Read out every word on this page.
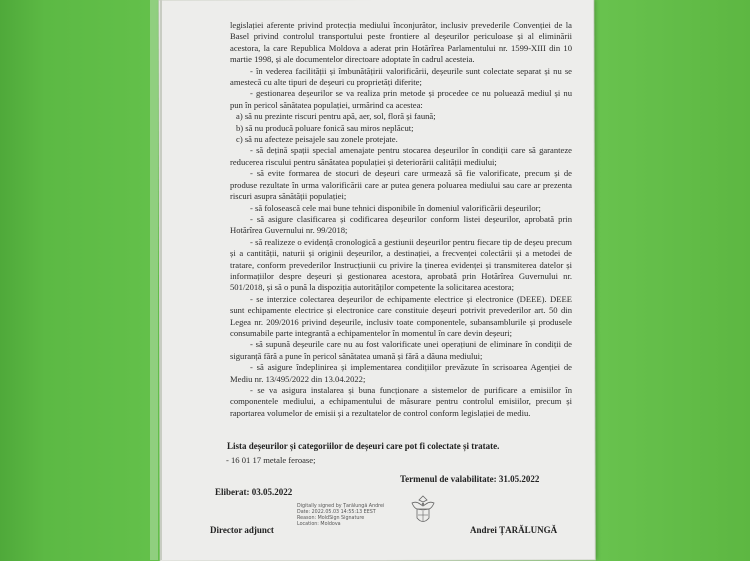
legislației aferente privind protecția mediului înconjurător, inclusiv prevederile Convenției de la Basel privind controlul transportului peste frontiere al deșeurilor periculoase și al eliminării acestora, la care Republica Moldova a aderat prin Hotărîrea Parlamentului nr. 1599-XIII din 10 martie 1998, și ale documentelor directoare adoptate în cadrul acesteia.

- în vederea facilității și îmbunătățirii valorificării, deșeurile sunt colectate separat și nu se amestecă cu alte tipuri de deșeuri cu proprietăți diferite;

- gestionarea deșeurilor se va realiza prin metode și procedee ce nu poluează mediul și nu pun în pericol sănătatea populației, urmărind ca acestea:

a) să nu prezinte riscuri pentru apă, aer, sol, floră și faună;

b) să nu producă poluare fonică sau miros neplăcut;

c) să nu afecteze peisajele sau zonele protejate.

- să dețină spații special amenajate pentru stocarea deșeurilor în condiții care să garanteze reducerea riscului pentru sănătatea populației și deteriorării calității mediului;

- să evite formarea de stocuri de deșeuri care urmează să fie valorificate, precum și de produse rezultate în urma valorificării care ar putea genera poluarea mediului sau care ar prezenta riscuri asupra sănătății populației;

- să folosească cele mai bune tehnici disponibile în domeniul valorificării deșeurilor;

- să asigure clasificarea și codificarea deșeurilor conform listei deșeurilor, aprobată prin Hotărîrea Guvernului nr. 99/2018;

- să realizeze o evidență cronologică a gestiunii deșeurilor pentru fiecare tip de deșeu precum și a cantității, naturii și originii deșeurilor, a destinației, a frecvenței colectării și a metodei de tratare, conform prevederilor Instrucțiunii cu privire la ținerea evidenței și transmiterea datelor și informațiilor despre deșeuri și gestionarea acestora, aprobată prin Hotărîrea Guvernului nr. 501/2018, și să o pună la dispoziția autorităților competente la solicitarea acestora;

- se interzice colectarea deșeurilor de echipamente electrice și electronice (DEEE). DEEE sunt echipamente electrice și electronice care constituie deșeuri potrivit prevederilor art. 50 din Legea nr. 209/2016 privind deșeurile, inclusiv toate componentele, subansamblurile și produsele consumabile parte integrantă a echipamentelor în momentul în care devin deșeuri;

- să supună deșeurile care nu au fost valorificate unei operațiuni de eliminare în condiții de siguranță fără a pune în pericol sănătatea umană și fără a dăuna mediului;

- să asigure îndeplinirea și implementarea condițiilor prevăzute în scrisoarea Agenției de Mediu nr. 13/495/2022 din 13.04.2022;

- se va asigura instalarea și buna funcționare a sistemelor de purificare a emisiilor în componentele mediului, a echipamentului de măsurare pentru controlul emisiilor, precum și raportarea volumelor de emisii și a rezultatelor de control conform legislației de mediu.

Lista deșeurilor și categoriilor de deșeuri care pot fi colectate și tratate.
- 16 01 17 metale feroase;
Termenul de valabilitate: 31.05.2022
Eliberat: 03.05.2022
Digitally signed by Țarălungă Andrei
Date: 2022.05.03 14:55:13 EEST
Reason: MoldSign Signature
Location: Moldova
Director adjunct	Andrei ȚARĂLUNGĂ
